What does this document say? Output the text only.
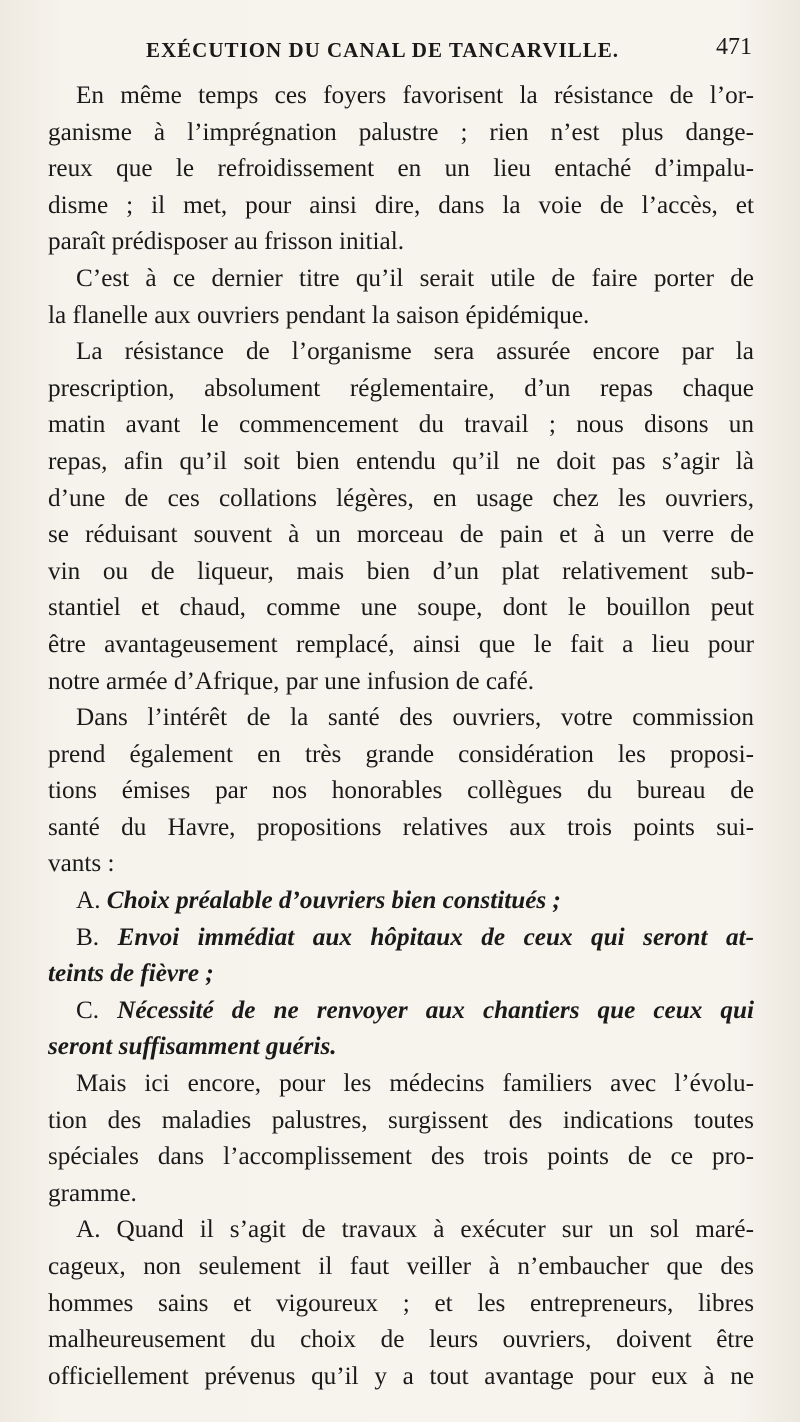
EXÉCUTION DU CANAL DE TANCARVILLE.	471
En même temps ces foyers favorisent la résistance de l’or-
ganisme à l’imprégnation palustre ; rien n’est plus dange-
reux que le refroidissement en un lieu entaché d’impalu-
disme ; il met, pour ainsi dire, dans la voie de l’accès, et
paraît prédisposer au frisson initial.
C’est à ce dernier titre qu’il serait utile de faire porter de
la flanelle aux ouvriers pendant la saison épidémique.
La résistance de l’organisme sera assurée encore par la
prescription, absolument réglementaire, d’un repas chaque
matin avant le commencement du travail ; nous disons un
repas, afin qu’il soit bien entendu qu’il ne doit pas s’agir là
d’une de ces collations légères, en usage chez les ouvriers,
se réduisant souvent à un morceau de pain et à un verre de
vin ou de liqueur, mais bien d’un plat relativement sub-
stantiel et chaud, comme une soupe, dont le bouillon peut
être avantageusement remplacé, ainsi que le fait a lieu pour
notre armée d’Afrique, par une infusion de café.
Dans l’intérêt de la santé des ouvriers, votre commission
prend également en très grande considération les proposi-
tions émises par nos honorables collègues du bureau de
santé du Havre, propositions relatives aux trois points sui-
vants :
A. Choix préalable d’ouvriers bien constitués ;
B. Envoi immédiat aux hôpitaux de ceux qui seront at-
teints de fièvre ;
C. Nécessité de ne renvoyer aux chantiers que ceux qui
seront suffisamment guéris.
Mais ici encore, pour les médecins familiers avec l’évolu-
tion des maladies palustres, surgissent des indications toutes
spéciales dans l’accomplissement des trois points de ce pro-
gramme.
A. Quand il s’agit de travaux à exécuter sur un sol maré-
cageux, non seulement il faut veiller à n’embaucher que des
hommes sains et vigoureux ; et les entrepreneurs, libres
malheureusement du choix de leurs ouvriers, doivent être
officiellement prévenus qu’il y a tout avantage pour eux à ne
